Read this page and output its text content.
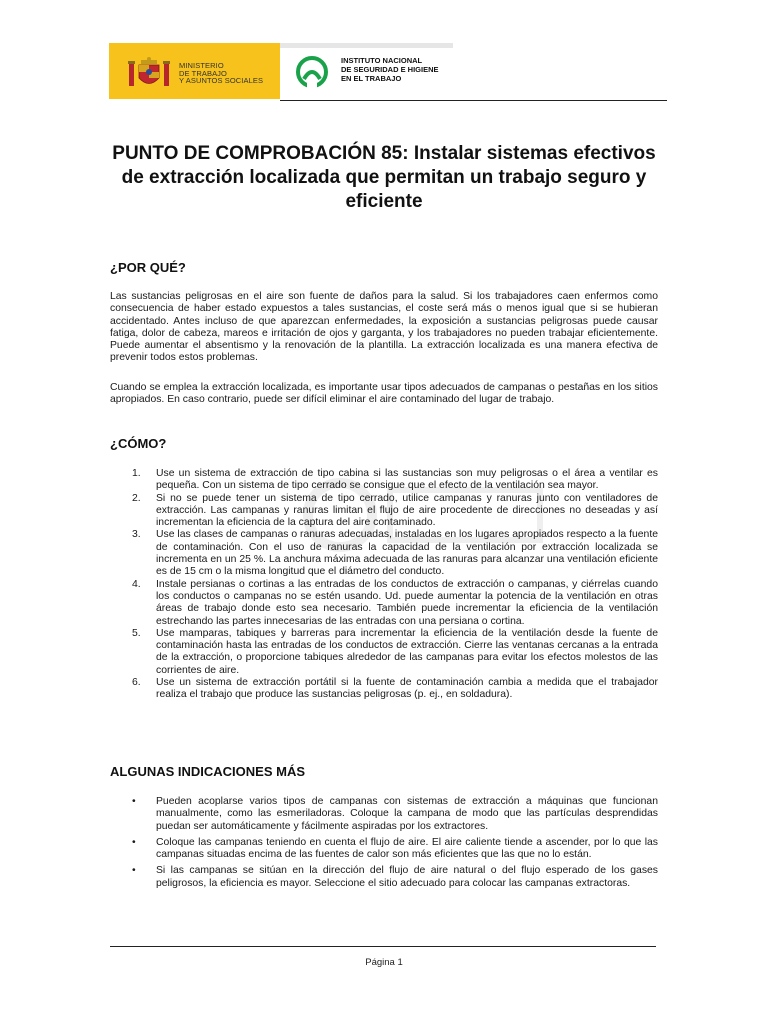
MINISTERIO
DE TRABAJO
Y ASUNTOS SOCIALES
INSTITUTO NACIONAL
DE SEGURIDAD E HIGIENE
EN EL TRABAJO
PUNTO DE COMPROBACIÓN 85: Instalar sistemas efectivos de extracción localizada que permitan un trabajo seguro y eficiente
¿POR QUÉ?

Las sustancias peligrosas en el aire son fuente de daños para la salud. Si los trabajadores caen enfermos como consecuencia de haber estado expuestos a tales sustancias, el coste será más o menos igual que si se hubieran accidentado. Antes incluso de que aparezcan enfermedades, la exposición a sustancias peligrosas puede causar fatiga, dolor de cabeza, mareos e irritación de ojos y garganta, y los trabajadores no pueden trabajar eficientemente. Puede aumentar el absentismo y la renovación de la plantilla. La extracción localizada es una manera efectiva de prevenir todos estos problemas.

Cuando se emplea la extracción localizada, es importante usar tipos adecuados de campanas o pestañas en los sitios apropiados. En caso contrario, puede ser difícil eliminar el aire contaminado del lugar de trabajo.

¿CÓMO?
1. Use un sistema de extracción de tipo cabina si las sustancias son muy peligrosas o el área a ventilar es pequeña. Con un sistema de tipo cerrado se consigue que el efecto de la ventilación sea mayor.
2. Si no se puede tener un sistema de tipo cerrado, utilice campanas y ranuras junto con ventiladores de extracción. Las campanas y ranuras limitan el flujo de aire procedente de direcciones no deseadas y así incrementan la eficiencia de la captura del aire contaminado.
3. Use las clases de campanas o ranuras adecuadas, instaladas en los lugares apropiados respecto a la fuente de contaminación. Con el uso de ranuras la capacidad de la ventilación por extracción localizada se incrementa en un 25 %. La anchura máxima adecuada de las ranuras para alcanzar una ventilación eficiente es de 15 cm o la misma longitud que el diámetro del conducto.
4. Instale persianas o cortinas a las entradas de los conductos de extracción o campanas, y ciérrelas cuando los conductos o campanas no se estén usando. Ud. puede aumentar la potencia de la ventilación en otras áreas de trabajo donde esto sea necesario. También puede incrementar la eficiencia de la ventilación estrechando las partes innecesarias de las entradas con una persiana o cortina.
5. Use mamparas, tabiques y barreras para incrementar la eficiencia de la ventilación desde la fuente de contaminación hasta las entradas de los conductos de extracción. Cierre las ventanas cercanas a la entrada de la extracción, o proporcione tabiques alrededor de las campanas para evitar los efectos molestos de las corrientes de aire.
6. Use un sistema de extracción portátil si la fuente de contaminación cambia a medida que el trabajador realiza el trabajo que produce las sustancias peligrosas (p. ej., en soldadura).
ALGUNAS INDICACIONES MÁS
• Pueden acoplarse varios tipos de campanas con sistemas de extracción a máquinas que funcionan manualmente, como las esmeriladoras. Coloque la campana de modo que las partículas desprendidas puedan ser automáticamente y fácilmente aspiradas por los extractores.
• Coloque las campanas teniendo en cuenta el flujo de aire. El aire caliente tiende a ascender, por lo que las campanas situadas encima de las fuentes de calor son más eficientes que las que no lo están.
• Si las campanas se sitúan en la dirección del flujo de aire natural o del flujo esperado de los gases peligrosos, la eficiencia es mayor. Seleccione el sitio adecuado para colocar las campanas extractoras.
Página 1
